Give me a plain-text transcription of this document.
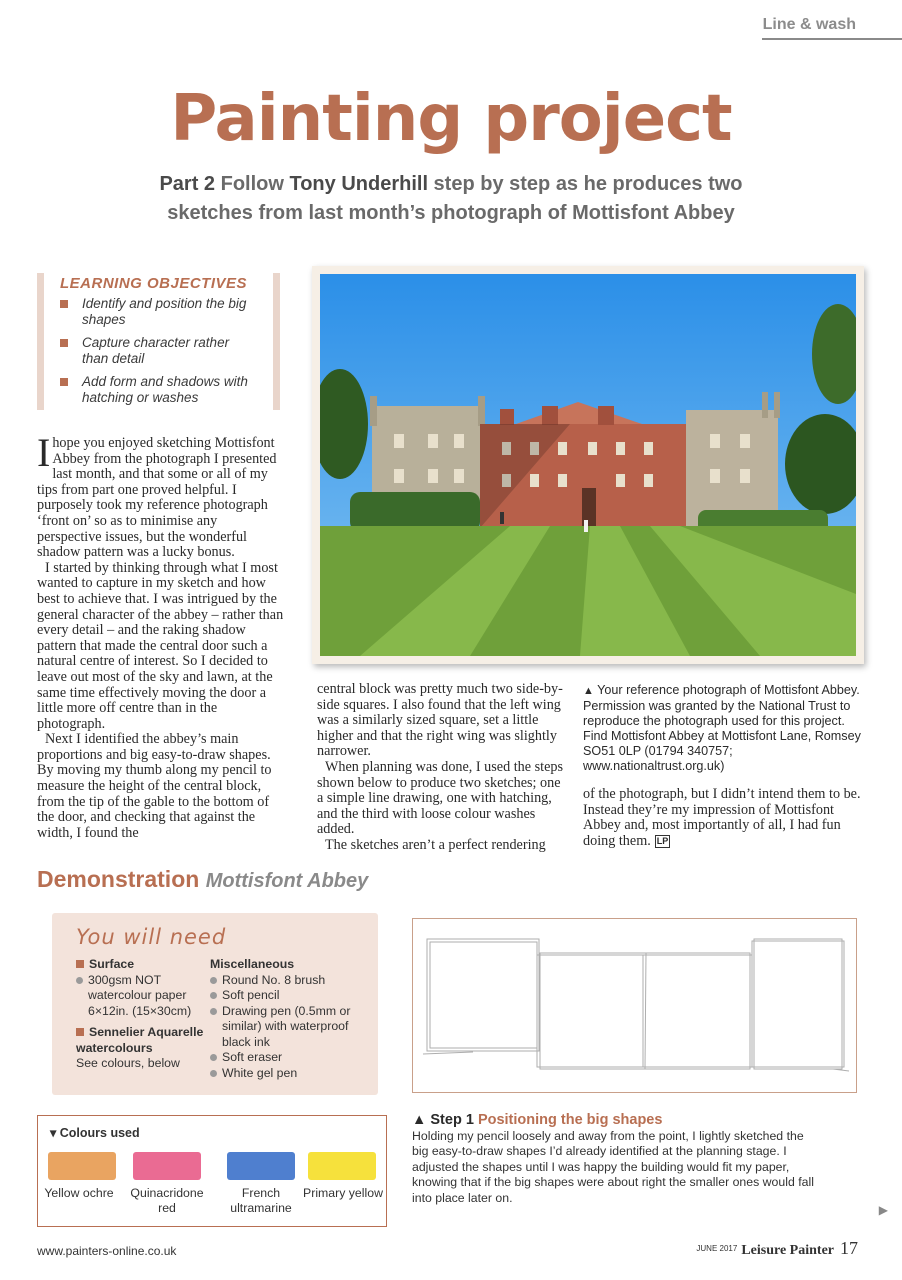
Line & wash
Painting project
Part 2 Follow Tony Underhill step by step as he produces two sketches from last month’s photograph of Mottisfont Abbey
LEARNING OBJECTIVES
Identify and position the big shapes
Capture character rather than detail
Add form and shadows with hatching or washes

Ihope you enjoyed sketching Mottisfont Abbey from the photograph I presented last month, and that some or all of my tips from part one proved helpful. I purposely took my reference photograph ‘front on’ so as to minimise any perspective issues, but the wonderful shadow pattern was a lucky bonus.

I started by thinking through what I most wanted to capture in my sketch and how best to achieve that. I was intrigued by the general character of the abbey – rather than every detail – and the raking shadow pattern that made the central door such a natural centre of interest. So I decided to leave out most of the sky and lawn, at the same time effectively moving the door a little more off centre than in the photograph.

Next I identified the abbey’s main proportions and big easy-to-draw shapes. By moving my thumb along my pencil to measure the height of the central block, from the tip of the gable to the bottom of the door, and checking that against the width, I found the

central block was pretty much two side-by-side squares. I also found that the left wing was a similarly sized square, set a little higher and that the right wing was slightly narrower.

When planning was done, I used the steps shown below to produce two sketches; one a simple line drawing, one with hatching, and the third with loose colour washes added.

The sketches aren’t a perfect rendering

▲ Your reference photograph of Mottisfont Abbey. Permission was granted by the National Trust to reproduce the photograph used for this project. Find Mottisfont Abbey at Mottisfont Lane, Romsey SO51 0LP (01794 340757; www.nationaltrust.org.uk)

of the photograph, but I didn’t intend them to be. Instead they’re my impression of Mottisfont Abbey and, most importantly of all, I had fun doing them. LP

Demonstration Mottisfont Abbey
You will need
Surface
300gsm NOT watercolour paper 6×12in. (15×30cm)
Sennelier Aquarelle watercolours
See colours, below
Miscellaneous
Round No. 8 brush
Soft pencil
Drawing pen (0.5mm or similar) with waterproof black ink
Soft eraser
White gel pen
▾ Colours used
Yellow ochre	Quinacridone red
French ultramarine
Primary yellow
▲ Step 1 Positioning the big shapes
Holding my pencil loosely and away from the point, I lightly sketched the big easy-to-draw shapes I’d already identified at the planning stage. I adjusted the shapes until I was happy the building would fit my paper, knowing that if the big shapes were about right the smaller ones would fall into place later on.
▶
www.painters-online.co.uk	JUNE 2017 Leisure Painter 17
